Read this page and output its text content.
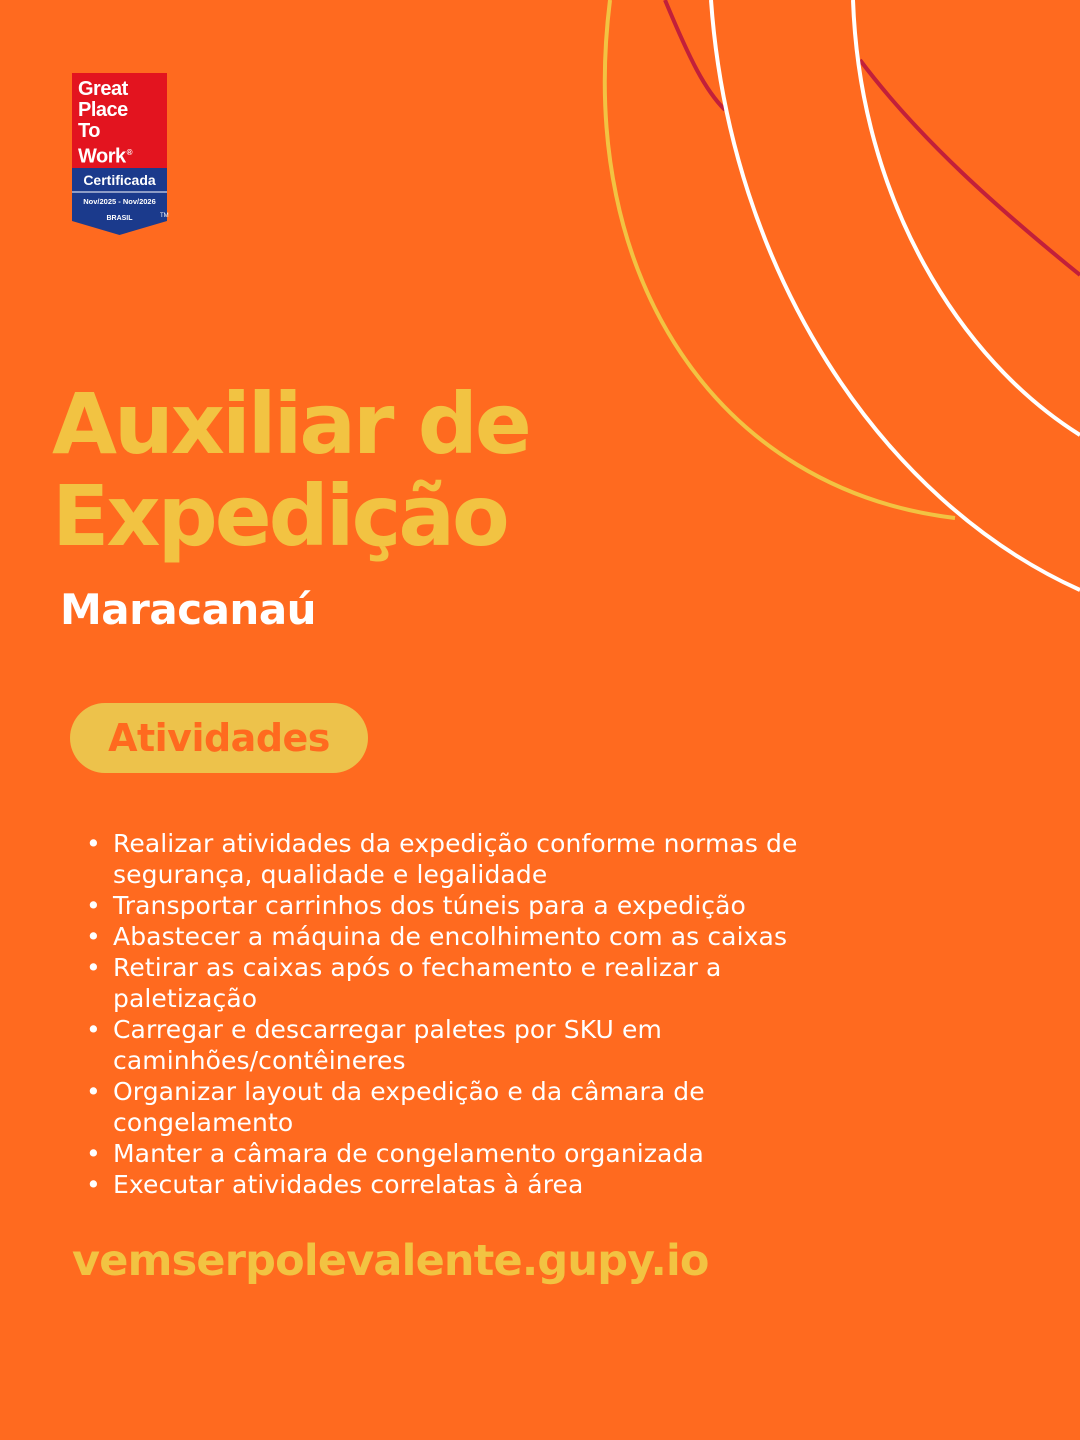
Great
Place
To
Work ®
Certificada
Nov/2025 - Nov/2026
BRASIL	TM
Auxiliar de
Expedição
Maracanaú
Atividades
• Realizar atividades da expedição conforme normas de segurança, qualidade e legalidade
• Transportar carrinhos dos túneis para a expedição
• Abastecer a máquina de encolhimento com as caixas
• Retirar as caixas após o fechamento e realizar a paletização
• Carregar e descarregar paletes por SKU em caminhões/contêineres
• Organizar layout da expedição e da câmara de congelamento
• Manter a câmara de congelamento organizada
• Executar atividades correlatas à área
vemserpolevalente.gupy.io
